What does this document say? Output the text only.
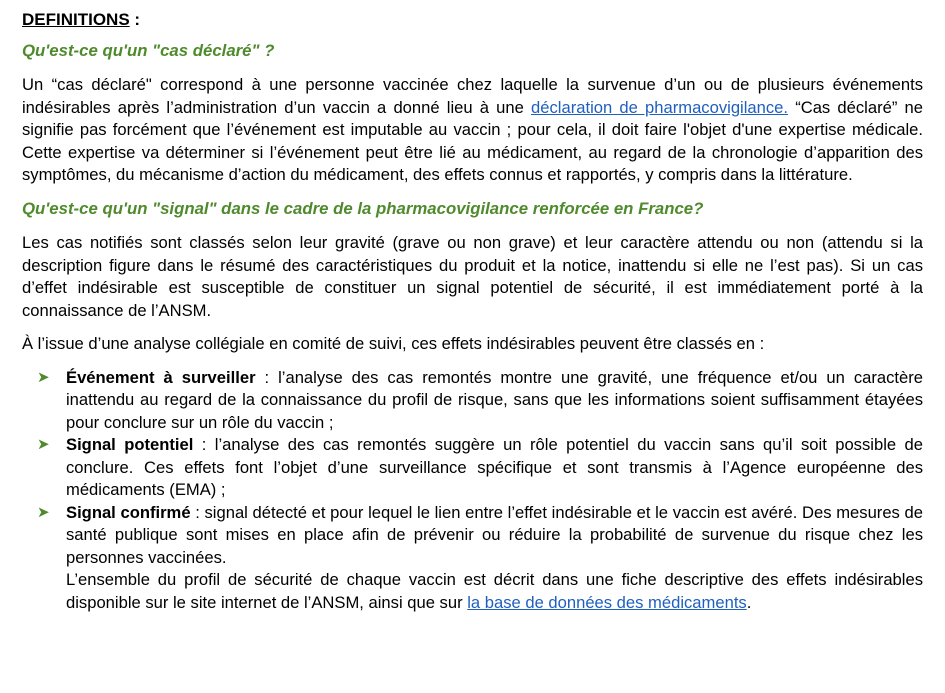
DEFINITIONS :
Qu'est-ce qu'un "cas déclaré" ?

Un “cas déclaré" correspond à une personne vaccinée chez laquelle la survenue d’un ou de plusieurs événements indésirables après l’administration d’un vaccin a donné lieu à une déclaration de pharmacovigilance. “Cas déclaré” ne signifie pas forcément que l’événement est imputable au vaccin ; pour cela, il doit faire l'objet d'une expertise médicale. Cette expertise va déterminer si l’événement peut être lié au médicament, au regard de la chronologie d’apparition des symptômes, du mécanisme d’action du médicament, des effets connus et rapportés, y compris dans la littérature.

Qu'est-ce qu'un "signal" dans le cadre de la pharmacovigilance renforcée en France?

Les cas notifiés sont classés selon leur gravité (grave ou non grave) et leur caractère attendu ou non (attendu si la description figure dans le résumé des caractéristiques du produit et la notice, inattendu si elle ne l’est pas). Si un cas d’effet indésirable est susceptible de constituer un signal potentiel de sécurité, il est immédiatement porté à la connaissance de l’ANSM.

À l’issue d’une analyse collégiale en comité de suivi, ces effets indésirables peuvent être classés en :

➤ Événement à surveiller : l’analyse des cas remontés montre une gravité, une fréquence et/ou un caractère inattendu au regard de la connaissance du profil de risque, sans que les informations soient suffisamment étayées pour conclure sur un rôle du vaccin ;
➤ Signal potentiel : l’analyse des cas remontés suggère un rôle potentiel du vaccin sans qu’il soit possible de conclure. Ces effets font l’objet d’une surveillance spécifique et sont transmis à l’Agence européenne des médicaments (EMA) ;
➤ Signal confirmé : signal détecté et pour lequel le lien entre l’effet indésirable et le vaccin est avéré. Des mesures de santé publique sont mises en place afin de prévenir ou réduire la probabilité de survenue du risque chez les personnes vaccinées.

L’ensemble du profil de sécurité de chaque vaccin est décrit dans une fiche descriptive des effets indésirables disponible sur le site internet de l’ANSM, ainsi que sur la base de données des médicaments.
